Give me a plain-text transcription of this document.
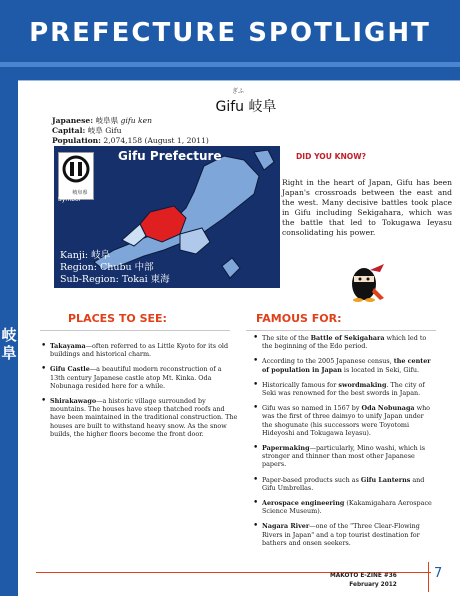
PREFECTURE SPOTLIGHT
岐阜
ぎふ
Gifu 岐阜
Japanese: 岐阜県 gifu ken
Capital: 岐阜 Gifu
Population: 2,074,158 (August 1, 2011)
Gifu Prefecture
岐阜県
Symbol
Kanji: 岐阜
Region: Chubu 中部
Sub-Region: Tokai 東海
DID YOU KNOW?
Right in the heart of Japan, Gifu has been Japan's crossroads between the east and the west. Many decisive battles took place in Gifu including Sekigahara, which was the battle that led to Tokugawa Ieyasu consolidating his power.
PLACES TO SEE:	FAMOUS FOR:
• Takayama—often referred to as Little Kyoto for its old buildings and historical charm.
• Gifu Castle—a beautiful modern reconstruction of a 13th century Japanese castle atop Mt. Kinka. Oda Nobunaga resided here for a while.
• Shirakawago—a historic village surrounded by mountains. The houses have steep thatched roofs and have been maintained in the traditional construction. The houses are built to withstand heavy snow. As the snow builds, the higher floors become the front door.
• The site of the Battle of Sekigahara which led to the beginning of the Edo period.
• According to the 2005 Japanese census, the center of population in Japan is located in Seki, Gifu.
• Historically famous for swordmaking. The city of Seki was renowned for the best swords in Japan.
• Gifu was so named in 1567 by Oda Nobunaga who was the first of three daimyo to unify Japan under the shogunate (his successors were Toyotomi Hideyoshi and Tokugawa Ieyasu).
• Papermaking—particularly, Mino washi, which is stronger and thinner than most other Japanese papers.
• Paper-based products such as Gifu Lanterns and Gifu Umbrellas.
• Aerospace engineering (Kakamigahara Aerospace Science Museum).
• Nagara River—one of the "Three Clear-Flowing Rivers in Japan" and a top tourist destination for bathers and onsen seekers.
MAKOTO E-ZINE #36
February 2012
7
